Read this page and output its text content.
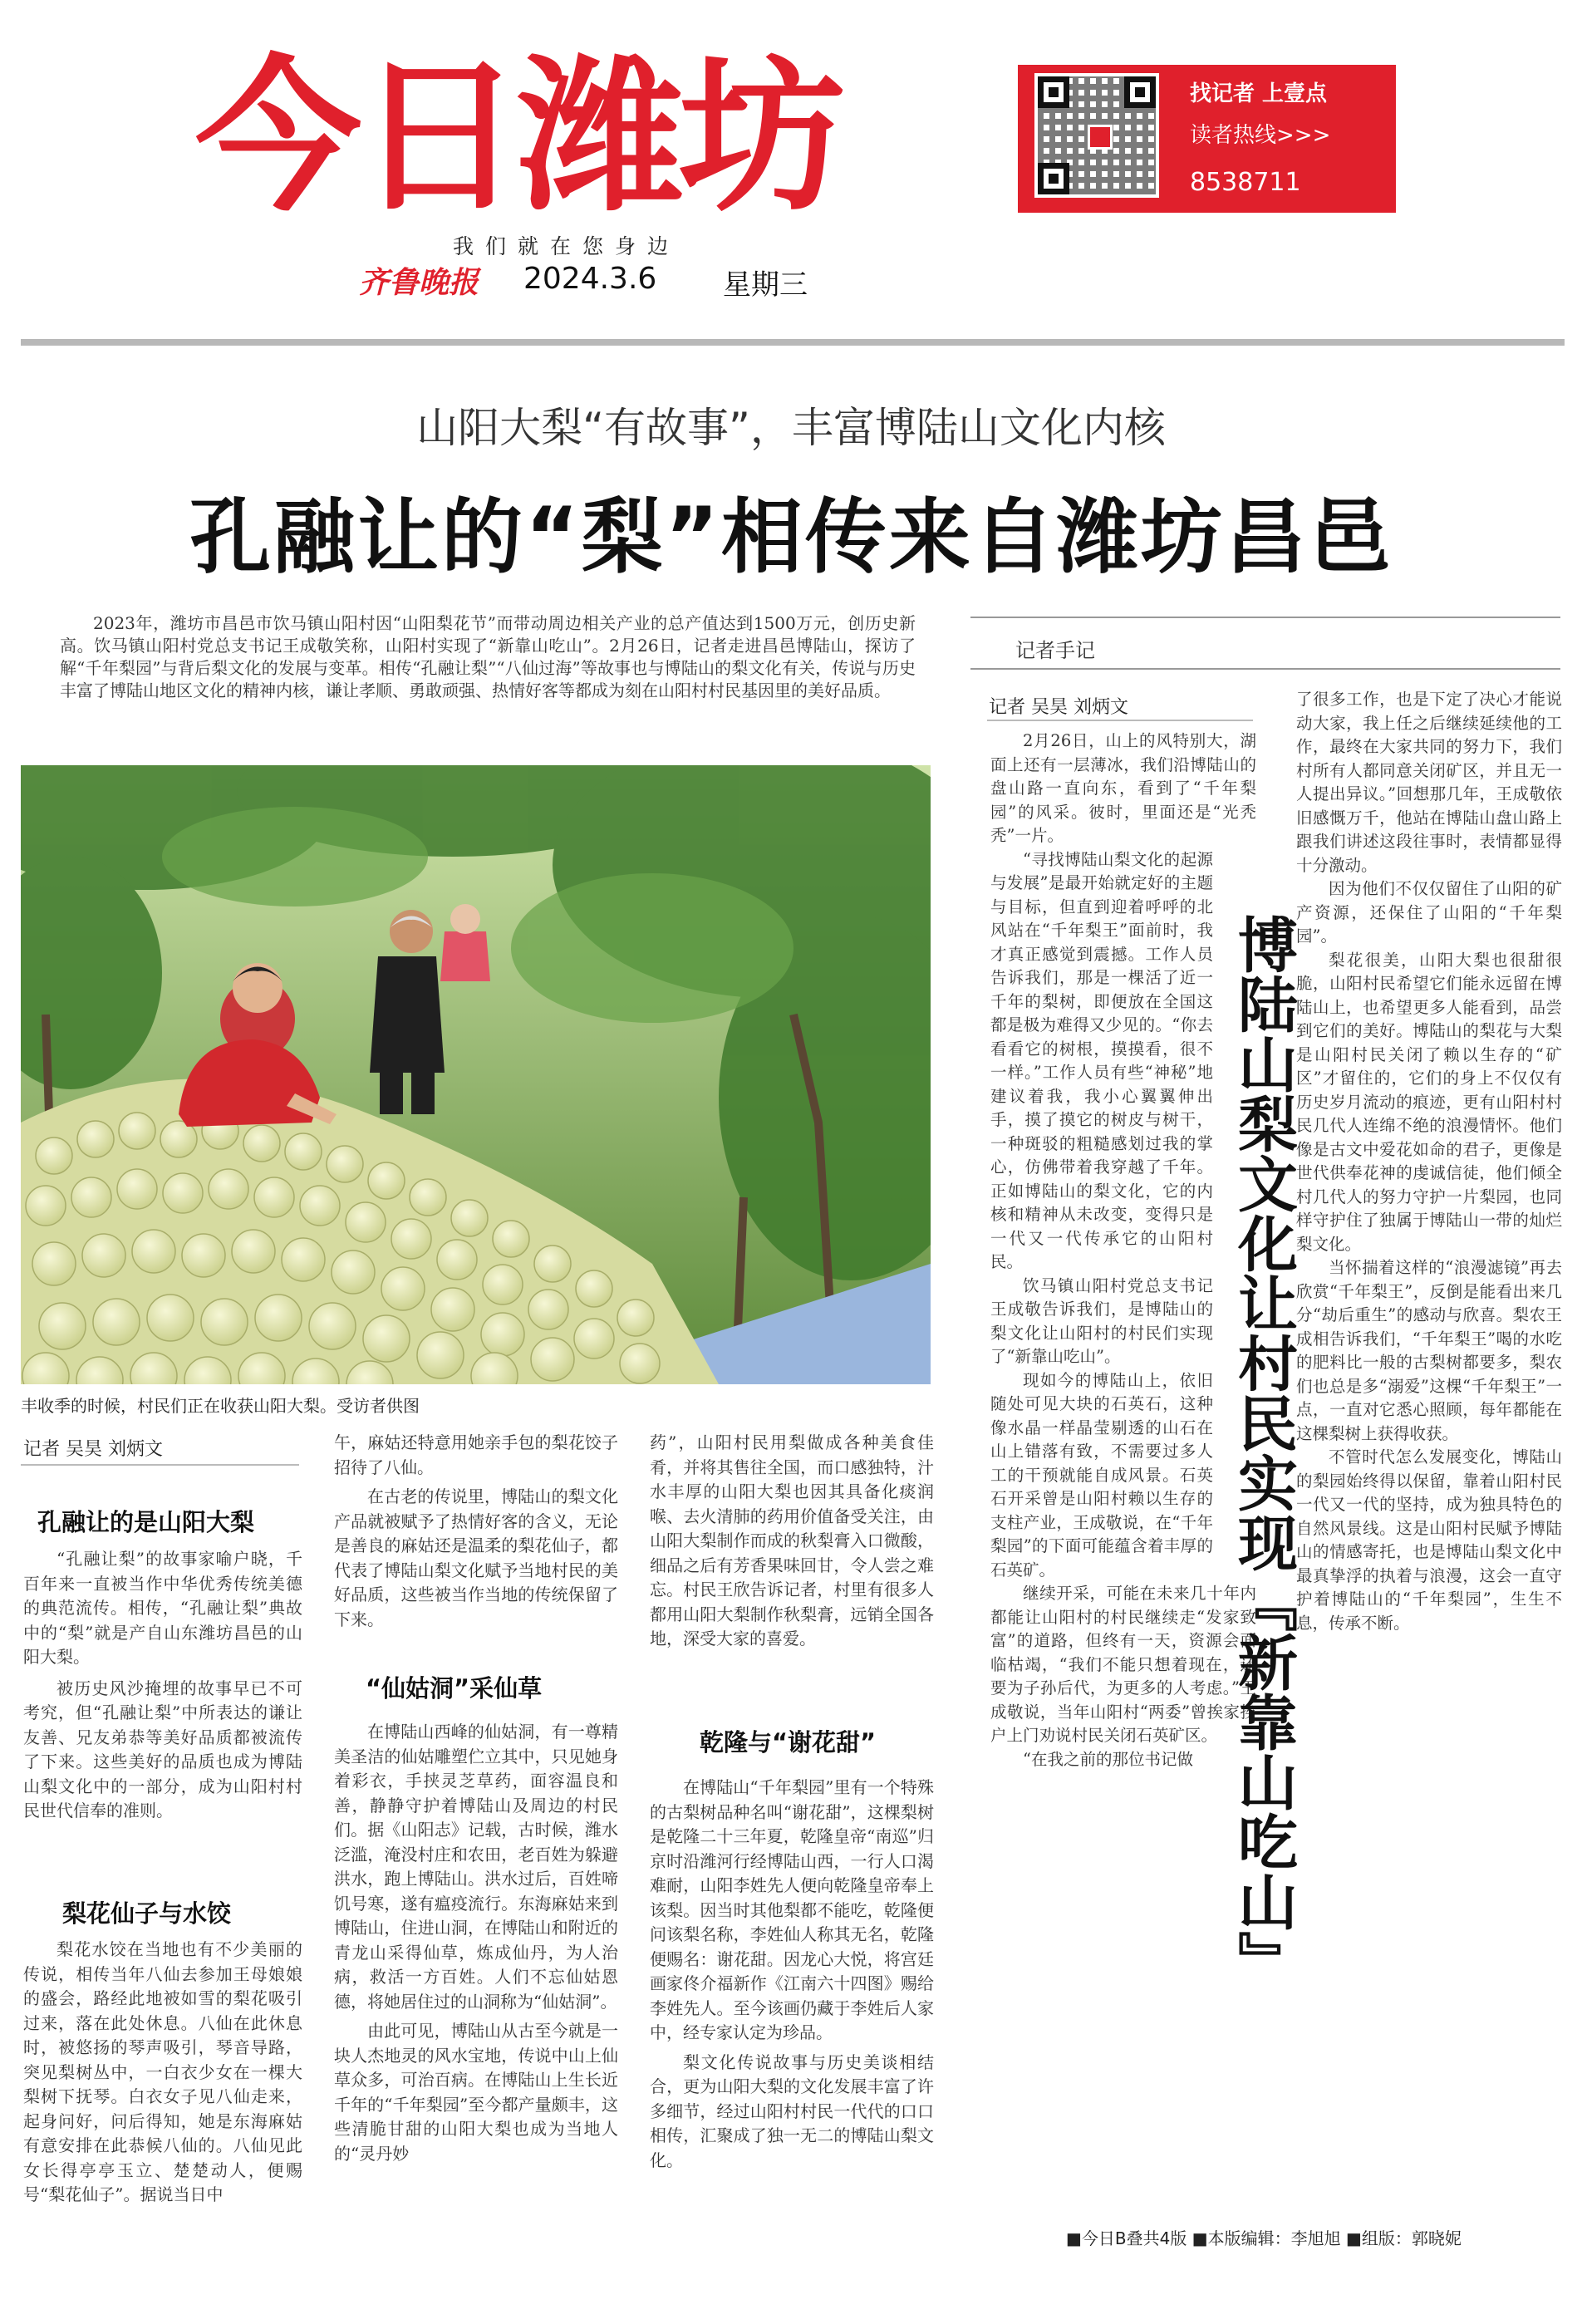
今日潍坊	找记者 上壹点
读者热线>>>
8538711
我们就在您身边
齐鲁晚报 2024.3.6 星期三
山阳大梨“有故事”，丰富博陆山文化内核
孔融让的“梨”相传来自潍坊昌邑

2023年，潍坊市昌邑市饮马镇山阳村因“山阳梨花节”而带动周边相关产业的总产值达到1500万元，创历史新高。饮马镇山阳村党总支书记王成敬笑称，山阳村实现了“新靠山吃山”。2月26日，记者走进昌邑博陆山，探访了解“千年梨园”与背后梨文化的发展与变革。相传“孔融让梨”“八仙过海”等故事也与博陆山的梨文化有关，传说与历史丰富了博陆山地区文化的精神内核，谦让孝顺、勇敢顽强、热情好客等都成为刻在山阳村村民基因里的美好品质。

丰收季的时候，村民们正在收获山阳大梨。受访者供图
记者 吴昊 刘炳文
孔融让的是山阳大梨

“孔融让梨”的故事家喻户晓，千百年来一直被当作中华优秀传统美德的典范流传。相传，“孔融让梨”典故中的“梨”就是产自山东潍坊昌邑的山阳大梨。

被历史风沙掩埋的故事早已不可考究，但“孔融让梨”中所表达的谦让友善、兄友弟恭等美好品质都被流传了下来。这些美好的品质也成为博陆山梨文化中的一部分，成为山阳村村民世代信奉的准则。

梨花仙子与水饺

梨花水饺在当地也有不少美丽的传说，相传当年八仙去参加王母娘娘的盛会，路经此地被如雪的梨花吸引过来，落在此处休息。八仙在此休息时，被悠扬的琴声吸引，琴音导路，突见梨树丛中，一白衣少女在一棵大梨树下抚琴。白衣女子见八仙走来，起身问好，问后得知，她是东海麻姑有意安排在此恭候八仙的。八仙见此女长得亭亭玉立、楚楚动人，便赐号“梨花仙子”。据说当日中

午，麻姑还特意用她亲手包的梨花饺子招待了八仙。

在古老的传说里，博陆山的梨文化产品就被赋予了热情好客的含义，无论是善良的麻姑还是温柔的梨花仙子，都代表了博陆山梨文化赋予当地村民的美好品质，这些被当作当地的传统保留了下来。

“仙姑洞”采仙草

在博陆山西峰的仙姑洞，有一尊精美圣洁的仙姑雕塑伫立其中，只见她身着彩衣，手挟灵芝草药，面容温良和善，静静守护着博陆山及周边的村民们。据《山阳志》记载，古时候，潍水泛滥，淹没村庄和农田，老百姓为躲避洪水，跑上博陆山。洪水过后，百姓啼饥号寒，遂有瘟疫流行。东海麻姑来到博陆山，住进山洞，在博陆山和附近的青龙山采得仙草，炼成仙丹，为人治病，救活一方百姓。人们不忘仙姑恩德，将她居住过的山洞称为“仙姑洞”。

由此可见，博陆山从古至今就是一块人杰地灵的风水宝地，传说中山上仙草众多，可治百病。在博陆山上生长近千年的“千年梨园”至今都产量颇丰，这些清脆甘甜的山阳大梨也成为当地人的“灵丹妙

药”，山阳村民用梨做成各种美食佳肴，并将其售往全国，而口感独特，汁水丰厚的山阳大梨也因其具备化痰润喉、去火清肺的药用价值备受关注，由山阳大梨制作而成的秋梨膏入口微酸，细品之后有芳香果味回甘，令人尝之难忘。村民王欣告诉记者，村里有很多人都用山阳大梨制作秋梨膏，远销全国各地，深受大家的喜爱。

乾隆与“谢花甜”

在博陆山“千年梨园”里有一个特殊的古梨树品种名叫“谢花甜”，这棵梨树是乾隆二十三年夏，乾隆皇帝“南巡”归京时沿潍河行经博陆山西，一行人口渴难耐，山阳李姓先人便向乾隆皇帝奉上该梨。因当时其他梨都不能吃，乾隆便问该梨名称，李姓仙人称其无名，乾隆便赐名：谢花甜。因龙心大悦，将宫廷画家佟介福新作《江南六十四图》赐给李姓先人。至今该画仍藏于李姓后人家中，经专家认定为珍品。

梨文化传说故事与历史美谈相结合，更为山阳大梨的文化发展丰富了许多细节，经过山阳村村民一代代的口口相传，汇聚成了独一无二的博陆山梨文化。

记者手记
记者 吴昊 刘炳文

2月26日，山上的风特别大，湖面上还有一层薄冰，我们沿博陆山的盘山路一直向东，看到了“千年梨园”的风采。彼时，里面还是“光秃秃”一片。

“寻找博陆山梨文化的起源与发展”是最开始就定好的主题与目标，但直到迎着呼呼的北风站在“千年梨王”面前时，我才真正感觉到震撼。工作人员告诉我们，那是一棵活了近一千年的梨树，即便放在全国这都是极为难得又少见的。“你去看看它的树根，摸摸看，很不一样。”工作人员有些“神秘”地建议着我，我小心翼翼伸出手，摸了摸它的树皮与树干，一种斑驳的粗糙感划过我的掌心，仿佛带着我穿越了千年。正如博陆山的梨文化，它的内核和精神从未改变，变得只是一代又一代传承它的山阳村民。

饮马镇山阳村党总支书记王成敬告诉我们，是博陆山的梨文化让山阳村的村民们实现了“新靠山吃山”。

现如今的博陆山上，依旧随处可见大块的石英石，这种像水晶一样晶莹剔透的山石在山上错落有致，不需要过多人工的干预就能自成风景。石英石开采曾是山阳村赖以生存的支柱产业，王成敬说，在“千年梨园”的下面可能蕴含着丰厚的石英矿。

继续开采，可能在未来几十年内都能让山阳村的村民继续走“发家致富”的道路，但终有一天，资源会面临枯竭，“我们不能只想着现在，还要为子孙后代，为更多的人考虑。”王成敬说，当年山阳村“两委”曾挨家挨户上门劝说村民关闭石英矿区。

“在我之前的那位书记做 博陆山梨文化让村民实现『新靠山吃山』

了很多工作，也是下定了决心才能说动大家，我上任之后继续延续他的工作，最终在大家共同的努力下，我们村所有人都同意关闭矿区，并且无一人提出异议。”回想那几年，王成敬依旧感慨万千，他站在博陆山盘山路上跟我们讲述这段往事时，表情都显得十分激动。

因为他们不仅仅留住了山阳的矿产资源，还保住了山阳的“千年梨园”。

梨花很美，山阳大梨也很甜很脆，山阳村民希望它们能永远留在博陆山上，也希望更多人能看到，品尝到它们的美好。博陆山的梨花与大梨是山阳村民关闭了赖以生存的“矿区”才留住的，它们的身上不仅仅有历史岁月流动的痕迹，更有山阳村村民几代人连绵不绝的浪漫情怀。他们像是古文中爱花如命的君子，更像是世代供奉花神的虔诚信徒，他们倾全村几代人的努力守护一片梨园，也同样守护住了独属于博陆山一带的灿烂梨文化。

当怀揣着这样的“浪漫滤镜”再去欣赏“千年梨王”，反倒是能看出来几分“劫后重生”的感动与欣喜。梨农王成相告诉我们，“千年梨王”喝的水吃的肥料比一般的古梨树都要多，梨农们也总是多“溺爱”这棵“千年梨王”一点，一直对它悉心照顾，每年都能在这棵梨树上获得收获。

不管时代怎么发展变化，博陆山的梨园始终得以保留，靠着山阳村民一代又一代的坚持，成为独具特色的自然风景线。这是山阳村民赋予博陆山的情感寄托，也是博陆山梨文化中最真挚浮的执着与浪漫，这会一直守护着博陆山的“千年梨园”，生生不息，传承不断。

■今日B叠共4版 ■本版编辑：李旭旭 ■组版：郭晓妮
